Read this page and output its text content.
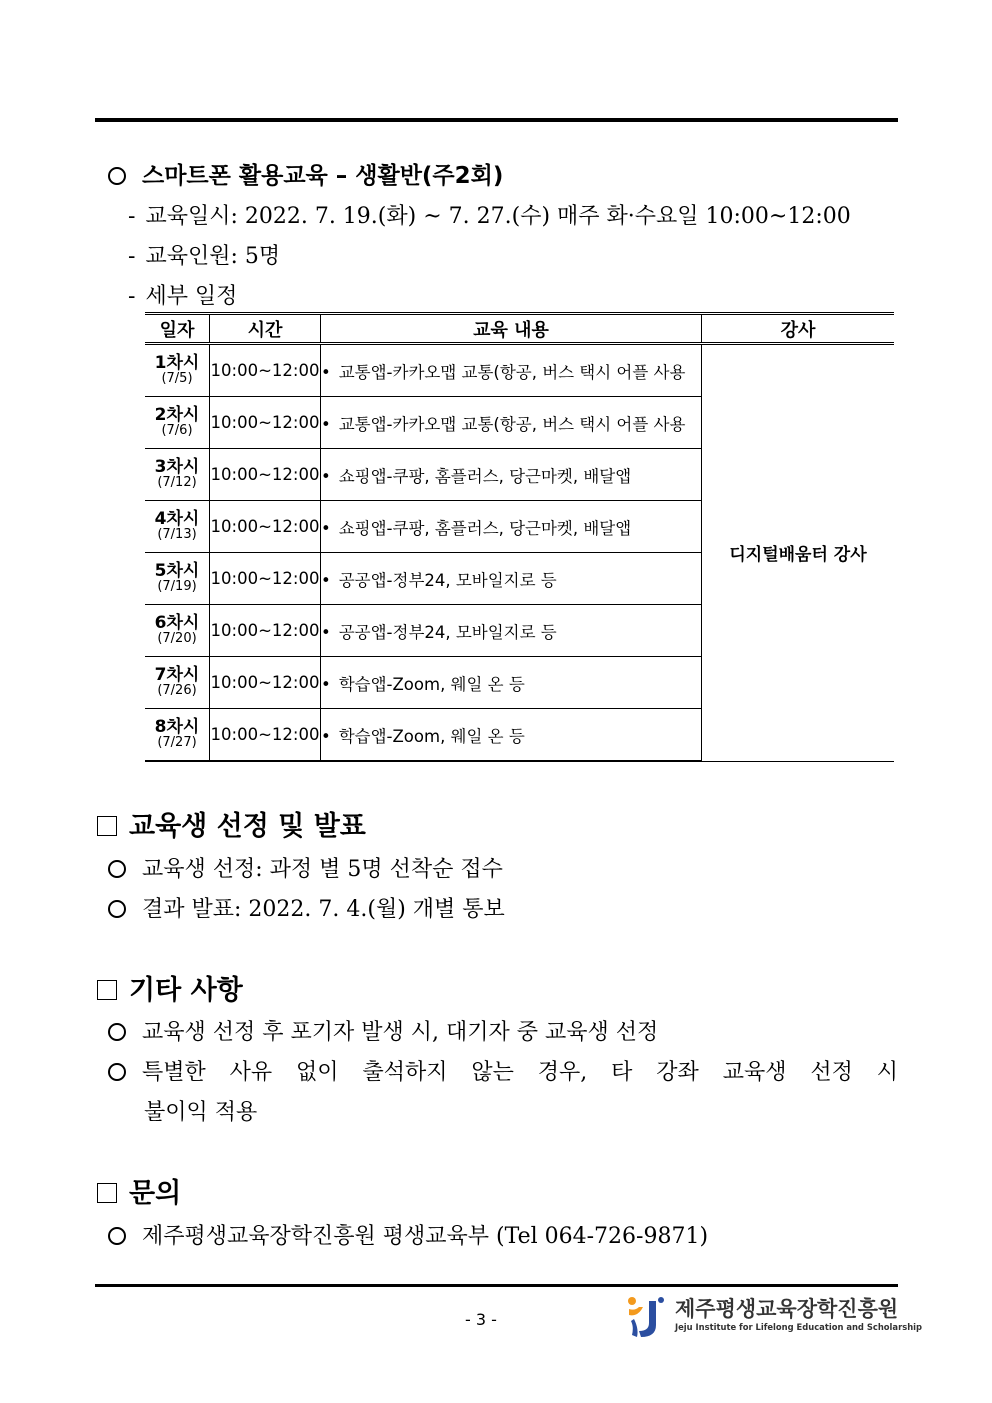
스마트폰 활용교육 – 생활반(주2회)
- 교육일시: 2022. 7. 19.(화) ~ 7. 27.(수) 매주 화·수요일 10:00~12:00
- 교육인원: 5명
- 세부 일정
일자	시간	교육 내용	강사

1차시
(7/5)	10:00~12:00	• 교통앱-카카오맵 교통(항공, 버스 택시 어플 사용	디지털배움터 강사

2차시
(7/6)	10:00~12:00	• 교통앱-카카오맵 교통(항공, 버스 택시 어플 사용	

3차시
(7/12)	10:00~12:00	• 쇼핑앱-쿠팡, 홈플러스, 당근마켓, 배달앱	

4차시
(7/13)	10:00~12:00	• 쇼핑앱-쿠팡, 홈플러스, 당근마켓, 배달앱	

5차시
(7/19)	10:00~12:00	• 공공앱-정부24, 모바일지로 등	

6차시
(7/20)	10:00~12:00	• 공공앱-정부24, 모바일지로 등	

7차시
(7/26)	10:00~12:00	• 학습앱-Zoom, 웨일 온 등	

8차시
(7/27)	10:00~12:00	• 학습앱-Zoom, 웨일 온 등	
교육생 선정 및 발표
교육생 선정: 과정 별 5명 선착순 접수
결과 발표: 2022. 7. 4.(월) 개별 통보
기타 사항
교육생 선정 후 포기자 발생 시, 대기자 중 교육생 선정
특별한 사유 없이 출석하지 않는 경우, 타 강좌 교육생 선정 시
불이익 적용
문의
제주평생교육장학진흥원 평생교육부 (Tel 064-726-9871)
- 3 -	제주평생교육장학진흥원
Jeju Institute for Lifelong Education and Scholarship
